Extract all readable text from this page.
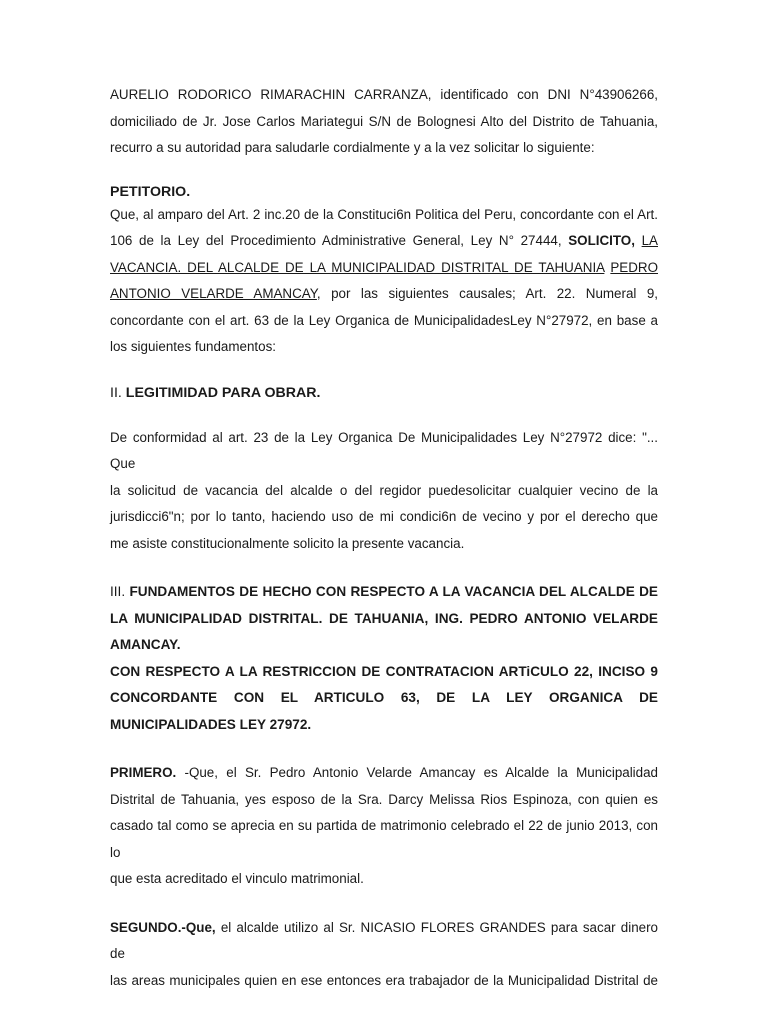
AURELIO RODORICO RIMARACHIN CARRANZA, identificado con DNI N°43906266,

domiciliado de Jr. Jose Carlos Mariategui S/N de Bolognesi Alto del Distrito de Tahuania,

recurro a su autoridad para saludarle cordialmente y a la vez solicitar lo siguiente:

PETITORIO.

Que, al amparo del Art. 2 inc.20 de la Constituci6n Politica del Peru, concordante con el Art.

106 de la Ley del Procedimiento Administrative General, Ley N° 27444, SOLICITO, LA

VACANCIA. DEL ALCALDE DE LA MUNICIPALIDAD DISTRITAL DE TAHUANIA PEDRO

ANTONIO VELARDE AMANCAY, por las siguientes causales; Art. 22. Numeral 9,

concordante con el art. 63 de la Ley Organica de MunicipalidadesLey N°27972, en base a

los siguientes fundamentos:

II. LEGITIMIDAD PARA OBRAR.

De conformidad al art. 23 de la Ley Organica De Municipalidades Ley N°27972 dice: "... Que

la solicitud de vacancia del alcalde o del regidor puedesolicitar cualquier vecino de la

jurisdicci6"n; por lo tanto, haciendo uso de mi condici6n de vecino y por el derecho que

me asiste constitucionalmente solicito la presente vacancia.

III. FUNDAMENTOS DE HECHO CON RESPECTO A LA VACANCIA DEL ALCALDE DE

LA MUNICIPALIDAD DISTRITAL. DE TAHUANIA, ING. PEDRO ANTONIO VELARDE

AMANCAY.

CON RESPECTO A LA RESTRICCION DE CONTRATACION ARTiCULO 22, INCISO 9

CONCORDANTE CON EL ARTICULO 63, DE LA LEY ORGANICA DE

MUNICIPALIDADES LEY 27972.

PRIMERO. -Que, el Sr. Pedro Antonio Velarde Amancay es Alcalde la Municipalidad

Distrital de Tahuania, yes esposo de la Sra. Darcy Melissa Rios Espinoza, con quien es

casado tal como se aprecia en su partida de matrimonio celebrado el 22 de junio 2013, con lo

que esta acreditado el vinculo matrimonial.

SEGUNDO.-Que, el alcalde utilizo al Sr. NICASIO FLORES GRANDES para sacar dinero de

las areas municipales quien en ese entonces era trabajador de la Municipalidad Distrital de
